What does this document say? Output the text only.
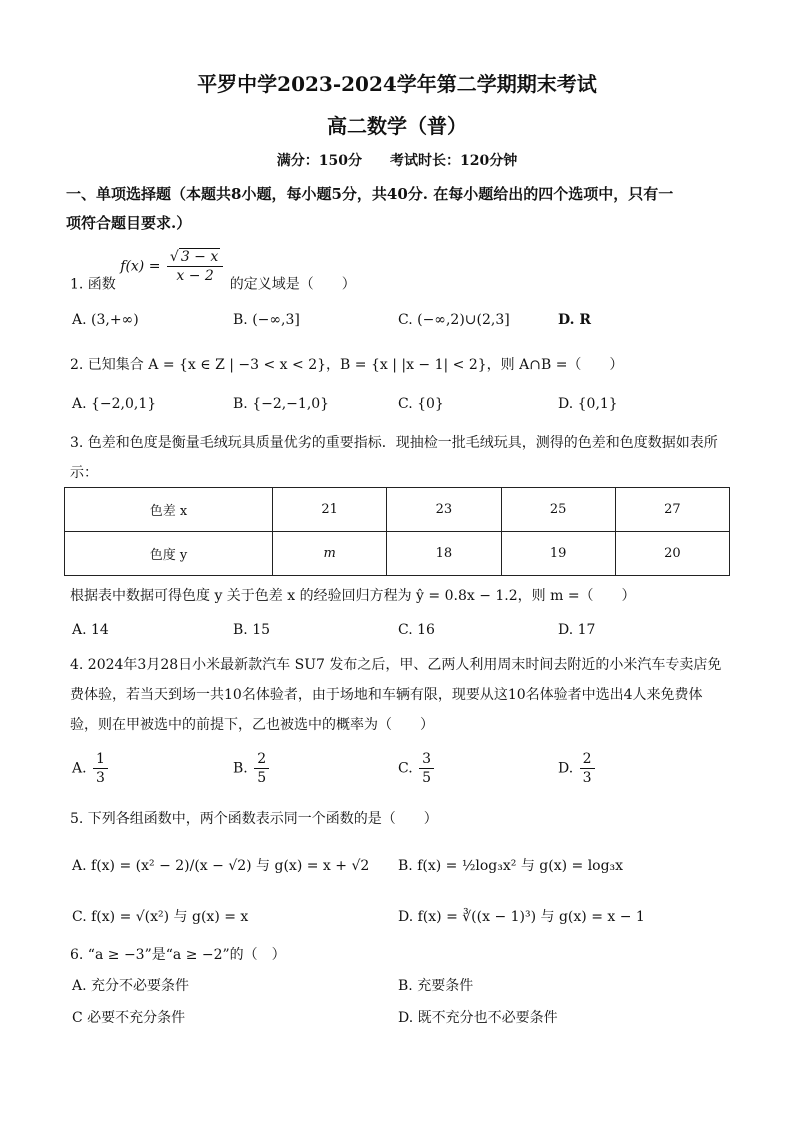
平罗中学2023-2024学年第二学期期末考试
高二数学（普）
满分：150分 考试时长：120分钟
一、单项选择题（本题共8小题，每小题5分，共40分. 在每小题给出的四个选项中，只有一
项符合题目要求.）
1. 函数 $f(x) = \frac{√ 3 - x}{x - 2}$ 的定义域是（　　）
A. (3,+∞)	B. (−∞,3]	C. (−∞,2)∪(2,3]	D. R
2. 已知集合 A = {x ∈ Z | −3 < x < 2}，B = {x | |x − 1| < 2}，则 A∩B =（　　）
A. {−2,0,1}	B. {−2,−1,0}	C. {0}	D. {0,1}
3. 色差和色度是衡量毛绒玩具质量优劣的重要指标．现抽检一批毛绒玩具，测得的色差和色度数据如表所
示：
色差 x	21	23	25	27
色度 y	m	18	19	20
根据表中数据可得色度 y 关于色差 x 的经验回归方程为 ŷ = 0.8x − 1.2，则 m =（　　）
A. 14	B. 15	C. 16	D. 17
4. 2024年3月28日小米最新款汽车 SU7 发布之后，甲、乙两人利用周末时间去附近的小米汽车专卖店免
费体验，若当天到场一共10名体验者，由于场地和车辆有限，现要从这10名体验者中选出4人来免费体
验，则在甲被选中的前提下，乙也被选中的概率为（　　）
A. $\frac{1}{3}$	B. $\frac{2}{5}$	C. $\frac{3}{5}$	D. $\frac{2}{3}$
5. 下列各组函数中，两个函数表示同一个函数的是（　　）
A. f(x) = (x² − 2)/(x − √2) 与 g(x) = x + √2 B. f(x) = ½log₃x² 与 g(x) = log₃x
C. f(x) = √(x²) 与 g(x) = x	D. f(x) = ∛((x − 1)³) 与 g(x) = x − 1
6. “a ≥ −3”是“a ≥ −2”的（　）
A. 充分不必要条件	B. 充要条件
C 必要不充分条件	D. 既不充分也不必要条件
